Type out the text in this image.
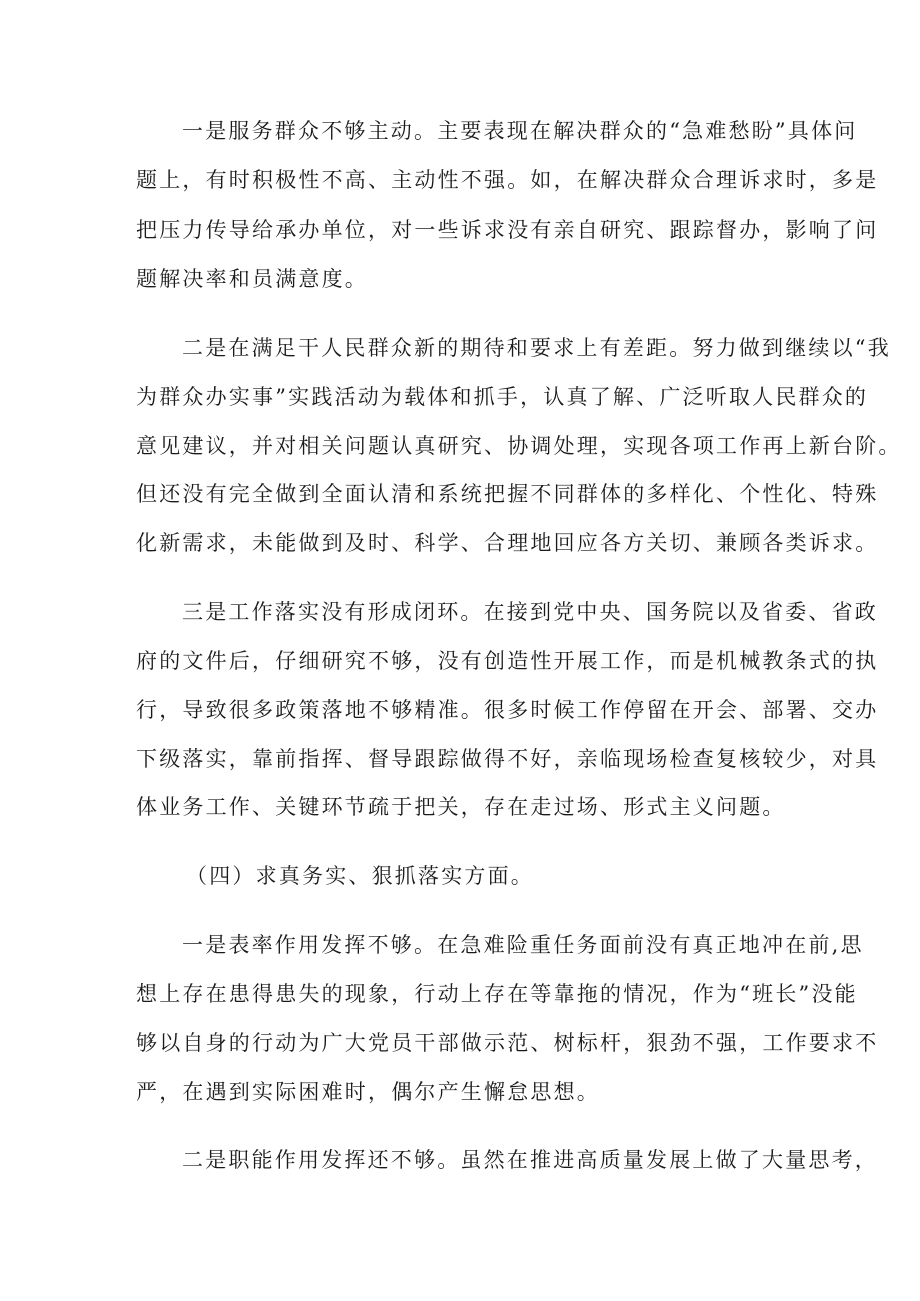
一是服务群众不够主动。主要表现在解决群众的“急难愁盼”具体问
题上，有时积极性不高、主动性不强。如，在解决群众合理诉求时，多是
把压力传导给承办单位，对一些诉求没有亲自研究、跟踪督办，影响了问
题解决率和员满意度。
二是在满足干人民群众新的期待和要求上有差距。努力做到继续以“我
为群众办实事”实践活动为载体和抓手，认真了解、广泛听取人民群众的
意见建议，并对相关问题认真研究、协调处理，实现各项工作再上新台阶。
但还没有完全做到全面认清和系统把握不同群体的多样化、个性化、特殊
化新需求，未能做到及时、科学、合理地回应各方关切、兼顾各类诉求。
三是工作落实没有形成闭环。在接到党中央、国务院以及省委、省政
府的文件后，仔细研究不够，没有创造性开展工作，而是机械教条式的执
行，导致很多政策落地不够精准。很多时候工作停留在开会、部署、交办
下级落实，靠前指挥、督导跟踪做得不好，亲临现场检查复核较少，对具
体业务工作、关键环节疏于把关，存在走过场、形式主义问题。
（四）求真务实、狠抓落实方面。
一是表率作用发挥不够。在急难险重任务面前没有真正地冲在前,思
想上存在患得患失的现象，行动上存在等靠拖的情况，作为“班长”没能
够以自身的行动为广大党员干部做示范、树标杆，狠劲不强，工作要求不
严，在遇到实际困难时，偶尔产生懈怠思想。
二是职能作用发挥还不够。虽然在推进高质量发展上做了大量思考，
